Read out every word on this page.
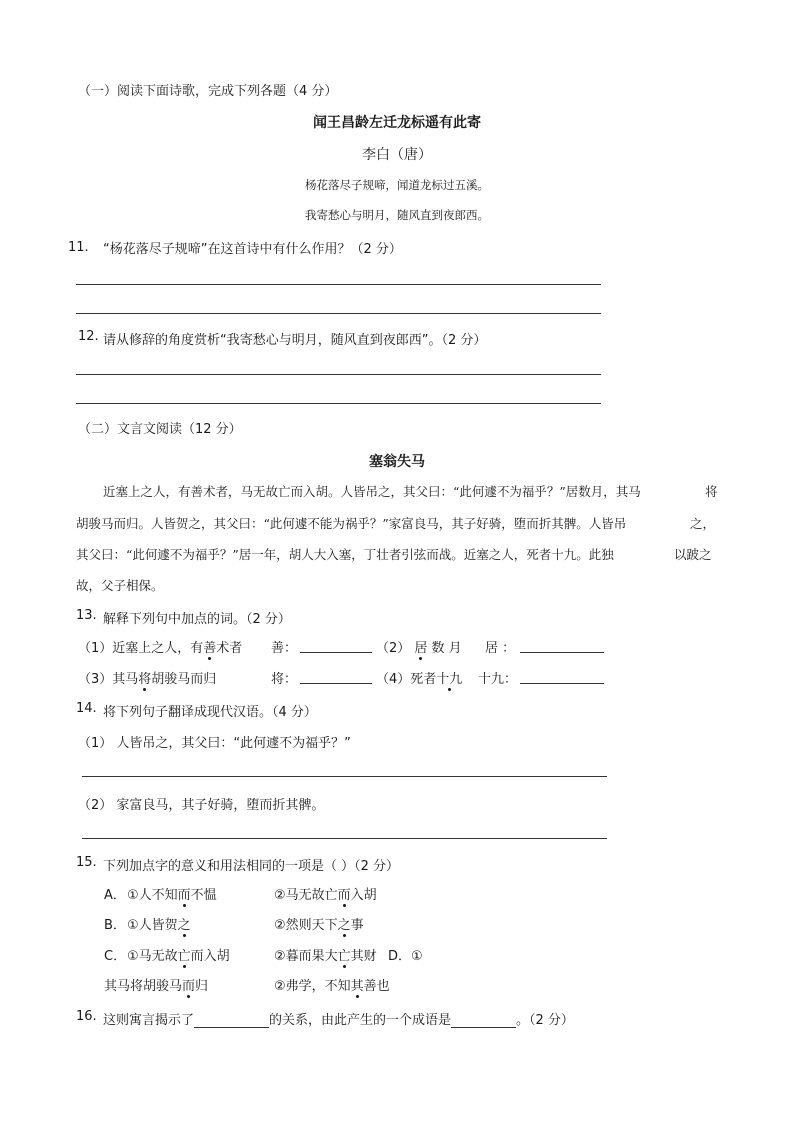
（一）阅读下面诗歌，完成下列各题（4 分）
闻王昌龄左迁龙标遥有此寄
李白（唐）
杨花落尽子规啼，闻道龙标过五溪。
我寄愁心与明月，随风直到夜郎西。
11. “杨花落尽子规啼”在这首诗中有什么作用？（2 分）
12. 请从修辞的角度赏析“我寄愁心与明月，随风直到夜郎西”。（2 分）
（二）文言文阅读（12 分）
塞翁失马
近塞上之人，有善术者，马无故亡而入胡。人皆吊之，其父曰：“此何遽不为福乎？”居数月，其马	将
胡骏马而归。人皆贺之，其父曰：“此何遽不能为祸乎？”家富良马，其子好骑，堕而折其髀。人皆吊	之，
其父曰：“此何遽不为福乎？”居一年，胡人大入塞，丁壮者引弦而战。近塞之人，死者十九。此独	以跛之
故，父子相保。
13. 解释下列句中加点的词。（2 分）
（1）近塞上之人，有善术者 善：	（2） 居 数 月 居 ：
（3）其马将胡骏马而归	将：	（4）死者十九 十九：
14. 将下列句子翻译成现代汉语。（4 分）
（1） 人皆吊之，其父曰：“此何遽不为福乎？”
（2） 家富良马，其子好骑，堕而折其髀。
15. 下列加点字的意义和用法相同的一项是（ ）（2 分）
A． ①人不知而不愠	②马无故亡而入胡
B． ①人皆贺之	②然则天下之事
C． ①马无故亡而入胡	②暮而果大亡其财 D．①
其马将胡骏马而归	②弗学，不知其善也
16. 这则寓言揭示了	的关系，由此产生的一个成语是	。（2 分）
